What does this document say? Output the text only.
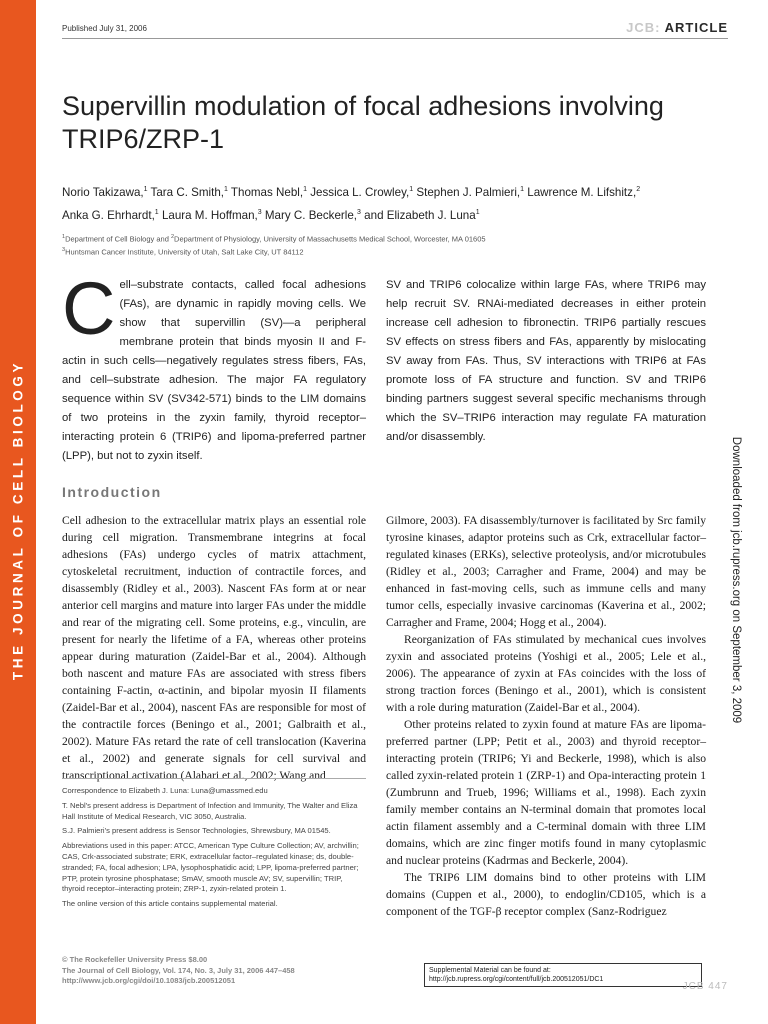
THE JOURNAL OF CELL BIOLOGY
Published July 31, 2006	JCB: ARTICLE
Supervillin modulation of focal adhesions involving TRIP6/ZRP-1
Norio Takizawa,$^1$ Tara C. Smith,$^1$ Thomas Nebl,$^1$ Jessica L. Crowley,$^1$ Stephen J. Palmieri,$^1$ Lawrence M. Lifshitz,$^2$
Anka G. Ehrhardt,$^1$ Laura M. Hoffman,$^3$ Mary C. Beckerle,$^3$ and Elizabeth J. Luna$^1$
$^1$Department of Cell Biology and $^2$Department of Physiology, University of Massachusetts Medical School, Worcester, MA 01605
$^3$Huntsman Cancer Institute, University of Utah, Salt Lake City, UT 84112
Cell–substrate contacts, called focal adhesions (FAs), are dynamic in rapidly moving cells. We show that supervillin (SV)—a peripheral membrane protein that binds myosin II and F-actin in such cells—negatively regulates stress fibers, FAs, and cell–substrate adhesion. The major FA regulatory sequence within SV (SV342-571) binds to the LIM domains of two proteins in the zyxin family, thyroid receptor–interacting protein 6 (TRIP6) and lipoma-preferred partner (LPP), but not to zyxin itself.
SV and TRIP6 colocalize within large FAs, where TRIP6 may help recruit SV. RNAi-mediated decreases in either protein increase cell adhesion to fibronectin. TRIP6 partially rescues SV effects on stress fibers and FAs, apparently by mislocating SV away from FAs. Thus, SV interactions with TRIP6 at FAs promote loss of FA structure and function. SV and TRIP6 binding partners suggest several specific mechanisms through which the SV–TRIP6 interaction may regulate FA maturation and/or disassembly.	Downloaded from jcb.rupress.org on September 3, 2009
Introduction
Cell adhesion to the extracellular matrix plays an essential role during cell migration. Transmembrane integrins at focal adhesions (FAs) undergo cycles of matrix attachment, cytoskeletal recruitment, induction of contractile forces, and disassembly (Ridley et al., 2003). Nascent FAs form at or near anterior cell margins and mature into larger FAs under the middle and rear of the migrating cell. Some proteins, e.g., vinculin, are present for nearly the lifetime of a FA, whereas other proteins appear during maturation (Zaidel-Bar et al., 2004). Although both nascent and mature FAs are associated with stress fibers containing F-actin, α-actinin, and bipolar myosin II filaments (Zaidel-Bar et al., 2004), nascent FAs are responsible for most of the contractile forces (Beningo et al., 2001; Galbraith et al., 2002). Mature FAs retard the rate of cell translocation (Kaverina et al., 2002) and generate signals for cell survival and transcriptional activation (Alahari et al., 2002; Wang and

Gilmore, 2003). FA disassembly/turnover is facilitated by Src family tyrosine kinases, adaptor proteins such as Crk, extracellular factor–regulated kinases (ERKs), selective proteolysis, and/or microtubules (Ridley et al., 2003; Carragher and Frame, 2004) and may be enhanced in fast-moving cells, such as immune cells and many tumor cells, especially invasive carcinomas (Kaverina et al., 2002; Carragher and Frame, 2004; Hogg et al., 2004).

Reorganization of FAs stimulated by mechanical cues involves zyxin and associated proteins (Yoshigi et al., 2005; Lele et al., 2006). The appearance of zyxin at FAs coincides with the loss of strong traction forces (Beningo et al., 2001), which is consistent with a role during maturation (Zaidel-Bar et al., 2004).

Other proteins related to zyxin found at mature FAs are lipoma-preferred partner (LPP; Petit et al., 2003) and thyroid receptor–interacting protein (TRIP6; Yi and Beckerle, 1998), which is also called zyxin-related protein 1 (ZRP-1) and Opa-interacting protein 1 (Zumbrunn and Trueb, 1996; Williams et al., 1998). Each zyxin family member contains an N-terminal domain that promotes local actin filament assembly and a C-terminal domain with three LIM domains, which are zinc finger motifs found in many cytoplasmic and nuclear proteins (Kadrmas and Beckerle, 2004).

The TRIP6 LIM domains bind to other proteins with LIM domains (Cuppen et al., 2000), to endoglin/CD105, which is a component of the TGF-β receptor complex (Sanz-Rodriguez

Correspondence to Elizabeth J. Luna: Luna@umassmed.edu

T. Nebl's present address is Department of Infection and Immunity, The Walter and Eliza Hall Institute of Medical Research, VIC 3050, Australia.

S.J. Palmieri's present address is Sensor Technologies, Shrewsbury, MA 01545.

Abbreviations used in this paper: ATCC, American Type Culture Collection; AV, archvillin; CAS, Crk-associated substrate; ERK, extracellular factor–regulated kinase; ds, double-stranded; FA, focal adhesion; LPA, lysophosphatidic acid; LPP, lipoma-preferred partner; PTP, protein tyrosine phosphatase; SmAV, smooth muscle AV; SV, supervillin; TRIP, thyroid receptor–interacting protein; ZRP-1, zyxin-related protein 1.

The online version of this article contains supplemental material.

© The Rockefeller University Press $8.00
The Journal of Cell Biology, Vol. 174, No. 3, July 31, 2006 447–458
http://www.jcb.org/cgi/doi/10.1083/jcb.200512051
Supplemental Material can be found at:
http://jcb.rupress.org/cgi/content/full/jcb.200512051/DC1
JCB 447
